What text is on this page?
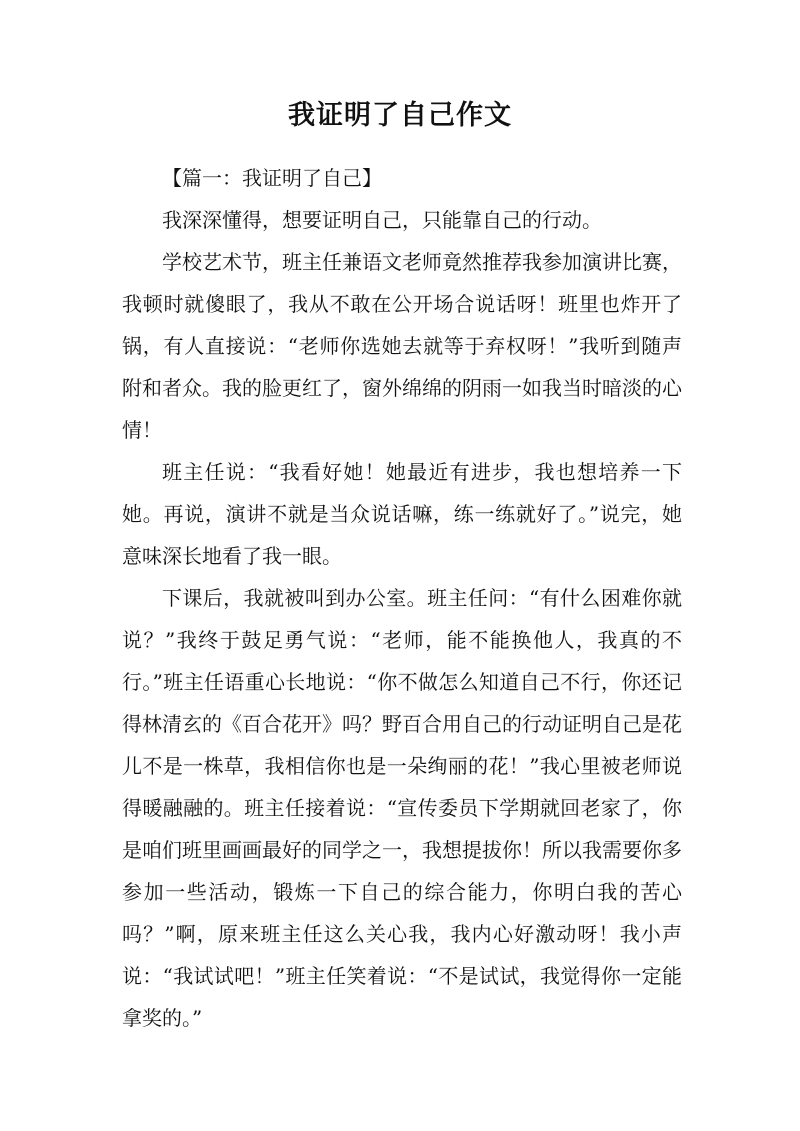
我证明了自己作文

【篇一：我证明了自己】

我深深懂得，想要证明自己，只能靠自己的行动。

学校艺术节，班主任兼语文老师竟然推荐我参加演讲比赛，我顿时就傻眼了，我从不敢在公开场合说话呀！班里也炸开了锅，有人直接说：“老师你选她去就等于弃权呀！”我听到随声附和者众。我的脸更红了，窗外绵绵的阴雨一如我当时暗淡的心情！

班主任说：“我看好她！她最近有进步，我也想培养一下她。再说，演讲不就是当众说话嘛，练一练就好了。”说完，她意味深长地看了我一眼。

下课后，我就被叫到办公室。班主任问：“有什么困难你就说？”我终于鼓足勇气说：“老师，能不能换他人，我真的不行。”班主任语重心长地说：“你不做怎么知道自己不行，你还记得林清玄的《百合花开》吗？野百合用自己的行动证明自己是花儿不是一株草，我相信你也是一朵绚丽的花！”我心里被老师说得暖融融的。班主任接着说：“宣传委员下学期就回老家了，你是咱们班里画画最好的同学之一，我想提拔你！所以我需要你多参加一些活动，锻炼一下自己的综合能力，你明白我的苦心吗？”啊，原来班主任这么关心我，我内心好激动呀！我小声说：“我试试吧！”班主任笑着说：“不是试试，我觉得你一定能拿奖的。”
